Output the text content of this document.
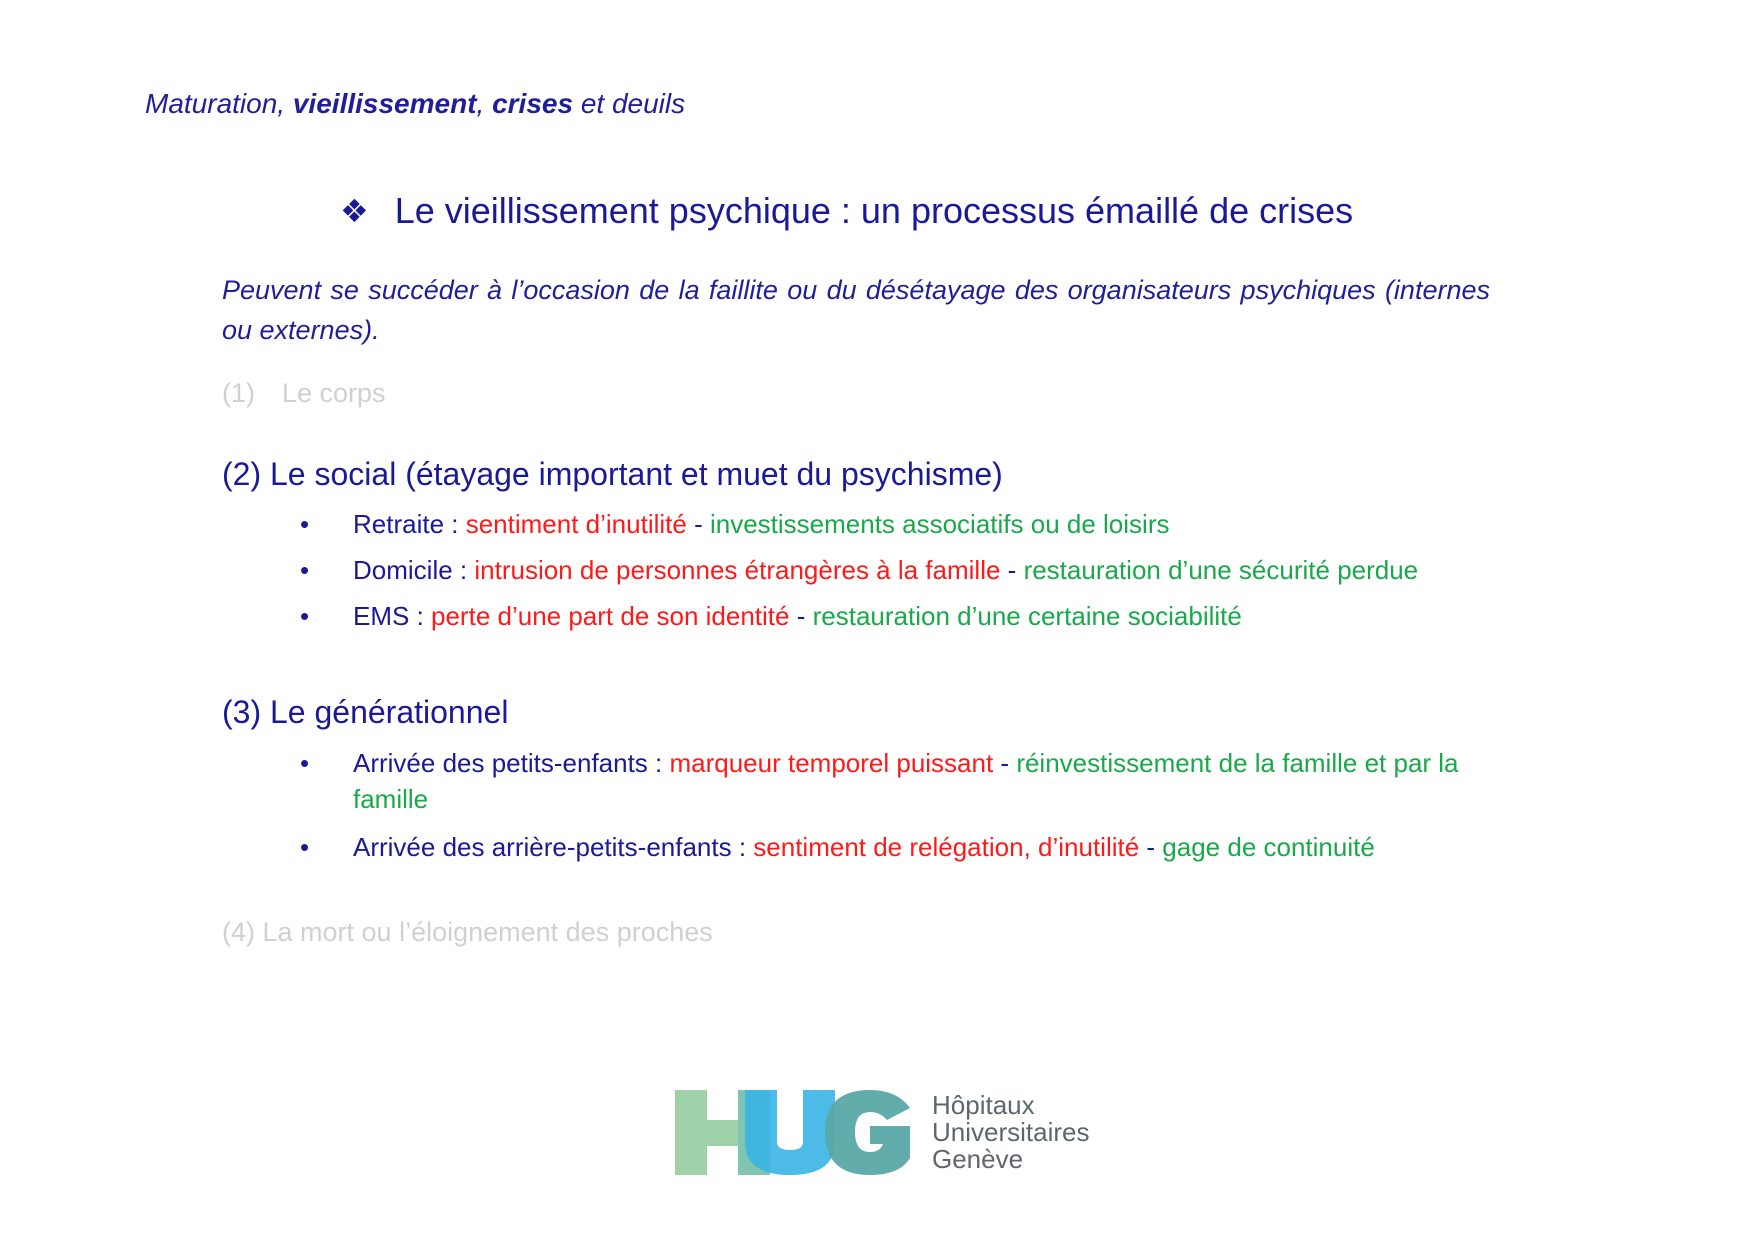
Maturation, vieillissement, crises et deuils
❖ Le vieillissement psychique : un processus émaillé de crises
Peuvent se succéder à l’occasion de la faillite ou du désétayage des organisateurs psychiques (internes ou externes).
(1) Le corps
(2) Le social (étayage important et muet du psychisme)
• Retraite : sentiment d’inutilité - investissements associatifs ou de loisirs
• Domicile : intrusion de personnes étrangères à la famille - restauration d’une sécurité perdue
• EMS : perte d’une part de son identité - restauration d’une certaine sociabilité
(3) Le générationnel
• Arrivée des petits-enfants : marqueur temporel puissant - réinvestissement de la famille et par la famille
• Arrivée des arrière-petits-enfants : sentiment de relégation, d’inutilité - gage de continuité
(4) La mort ou l’éloignement des proches
Hôpitaux
Universitaires
Genève
